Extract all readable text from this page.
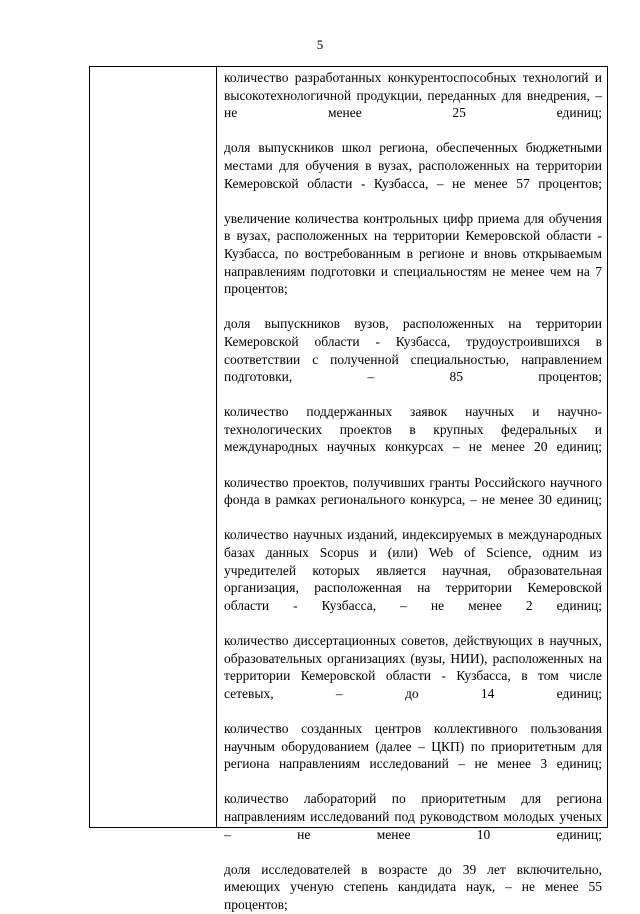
5

количество разработанных конкурентоспособных технологий и высокотехнологичной продукции, переданных для внедрения, – не менее 25 единиц;

доля выпускников школ региона, обеспеченных бюджетными местами для обучения в вузах, расположенных на территории Кемеровской области - Кузбасса, – не менее 57 процентов;

увеличение количества контрольных цифр приема для обучения в вузах, расположенных на территории Кемеровской области - Кузбасса, по востребованным в регионе и вновь открываемым направлениям подготовки и специальностям не менее чем на 7 процентов;

доля выпускников вузов, расположенных на территории Кемеровской области - Кузбасса, трудоустроившихся в соответствии с полученной специальностью, направлением подготовки, – 85 процентов;

количество поддержанных заявок научных и научно-технологических проектов в крупных федеральных и международных научных конкурсах – не менее 20 единиц;

количество проектов, получивших гранты Российского научного фонда в рамках регионального конкурса, – не менее 30 единиц;

количество научных изданий, индексируемых в международных базах данных Scopus и (или) Web of Science, одним из учредителей которых является научная, образовательная организация, расположенная на территории Кемеровской области - Кузбасса, – не менее 2 единиц;

количество диссертационных советов, действующих в научных, образовательных организациях (вузы, НИИ), расположенных на территории Кемеровской области - Кузбасса, в том числе сетевых, – до 14 единиц;

количество созданных центров коллективного пользования научным оборудованием (далее – ЦКП) по приоритетным для региона направлениям исследований – не менее 3 единиц;

количество лабораторий по приоритетным для региона направлениям исследований под руководством молодых ученых – не менее 10 единиц;

доля исследователей в возрасте до 39 лет включительно, имеющих ученую степень кандидата наук, – не менее 55 процентов;
